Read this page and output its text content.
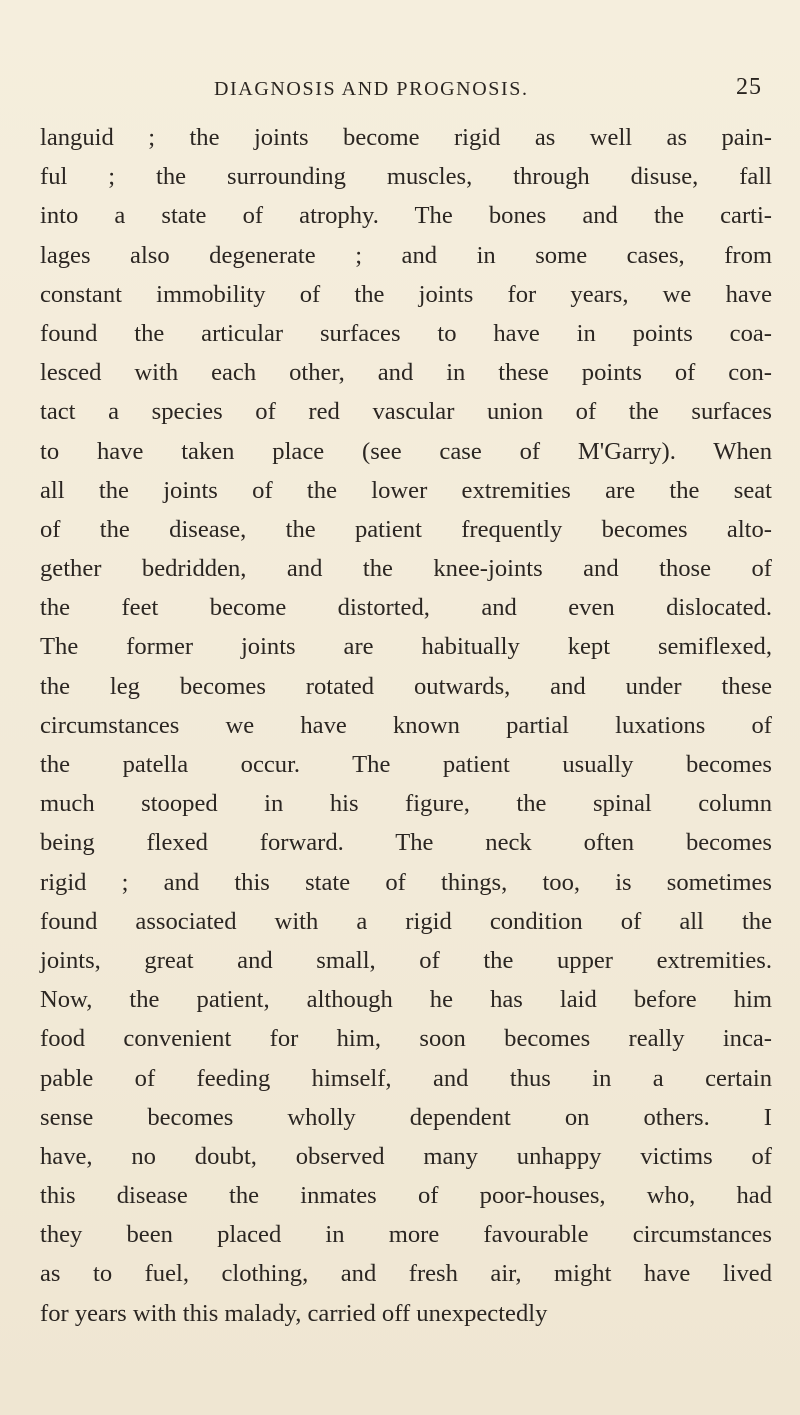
DIAGNOSIS AND PROGNOSIS.	25
languid ; the joints become rigid as well as pain-
ful ; the surrounding muscles, through disuse, fall
into a state of atrophy. The bones and the carti-
lages also degenerate ; and in some cases, from
constant immobility of the joints for years, we have
found the articular surfaces to have in points coa-
lesced with each other, and in these points of con-
tact a species of red vascular union of the surfaces
to have taken place (see case of M'Garry). When
all the joints of the lower extremities are the seat
of the disease, the patient frequently becomes alto-
gether bedridden, and the knee-joints and those of
the feet become distorted, and even dislocated.
The former joints are habitually kept semiflexed,
the leg becomes rotated outwards, and under these
circumstances we have known partial luxations of
the patella occur. The patient usually becomes
much stooped in his figure, the spinal column
being flexed forward. The neck often becomes
rigid ; and this state of things, too, is sometimes
found associated with a rigid condition of all the
joints, great and small, of the upper extremities.
Now, the patient, although he has laid before him
food convenient for him, soon becomes really inca-
pable of feeding himself, and thus in a certain
sense becomes wholly dependent on others. I
have, no doubt, observed many unhappy victims of
this disease the inmates of poor-houses, who, had
they been placed in more favourable circumstances
as to fuel, clothing, and fresh air, might have lived
for years with this malady, carried off unexpectedly
